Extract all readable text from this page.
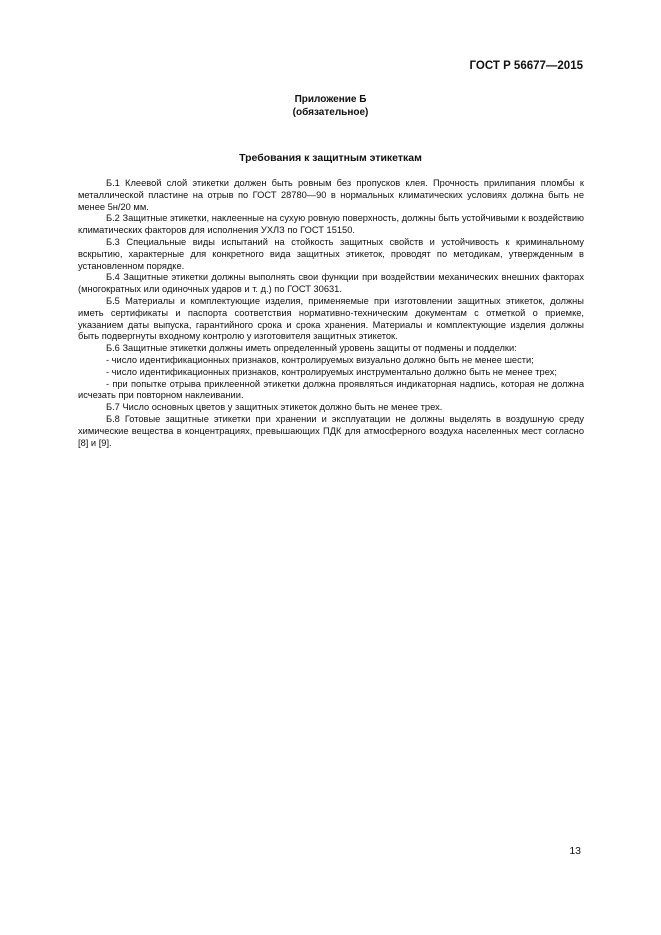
ГОСТ Р 56677—2015
Приложение Б
(обязательное)
Требования к защитным этикеткам

Б.1 Клеевой слой этикетки должен быть ровным без пропусков клея. Прочность прилипания пломбы к металлической пластине на отрыв по ГОСТ 28780—90 в нормальных климатических условиях должна быть не менее 5н/20 мм.

Б.2 Защитные этикетки, наклеенные на сухую ровную поверхность, должны быть устойчивыми к воздействию климатических факторов для исполнения УХЛЗ по ГОСТ 15150.

Б.3 Специальные виды испытаний на стойкость защитных свойств и устойчивость к криминальному вскрытию, характерные для конкретного вида защитных этикеток, проводят по методикам, утвержденным в установленном порядке.

Б.4 Защитные этикетки должны выполнять свои функции при воздействии механических внешних факторах (многократных или одиночных ударов и т. д.) по ГОСТ 30631.

Б.5 Материалы и комплектующие изделия, применяемые при изготовлении защитных этикеток, должны иметь сертификаты и паспорта соответствия нормативно-техническим документам с отметкой о приемке, указанием даты выпуска, гарантийного срока и срока хранения. Материалы и комплектующие изделия должны быть подвергнуты входному контролю у изготовителя защитных этикеток.

Б.6 Защитные этикетки должны иметь определенный уровень защиты от подмены и подделки:

- число идентификационных признаков, контролируемых визуально должно быть не менее шести;

- число идентификационных признаков, контролируемых инструментально должно быть не менее трех;

- при попытке отрыва приклеенной этикетки должна проявляться индикаторная надпись, которая не должна исчезать при повторном наклеивании.

Б.7 Число основных цветов у защитных этикеток должно быть не менее трех.

Б.8 Готовые защитные этикетки при хранении и эксплуатации не должны выделять в воздушную среду химические вещества в концентрациях, превышающих ПДК для атмосферного воздуха населенных мест согласно [8] и [9].

13
